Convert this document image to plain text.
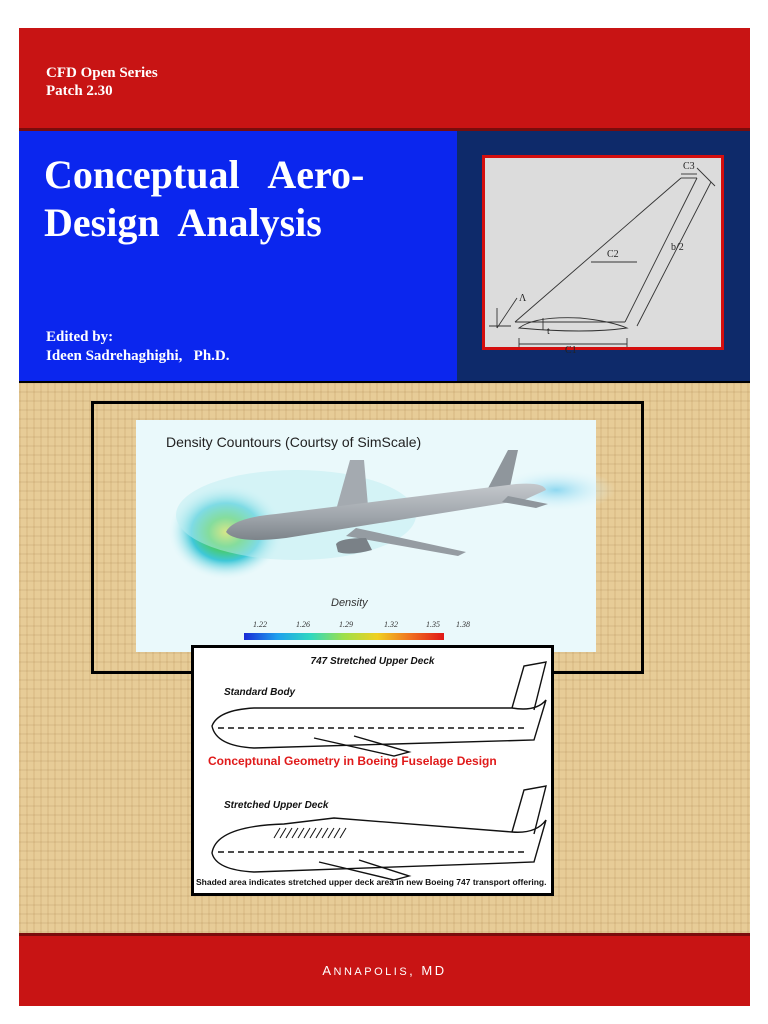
CFD Open Series
Patch 2.30
Conceptual   Aero-
Design  Analysis
Edited by:
Ideen Sadrehaghighi,   Ph.D.
C3
C2
b/2
Λ
t
C1
Density Countours (Courtsy of SimScale)
Density
1.22	1.26	1.29	1.32	1.35 1.38
747 Stretched Upper Deck
Standard Body
Stretched Upper Deck
Conceptunal Geometry in Boeing Fuselage Design
Shaded area indicates stretched upper deck area in new Boeing 747 transport offering.
ANNAPOLIS, MD
